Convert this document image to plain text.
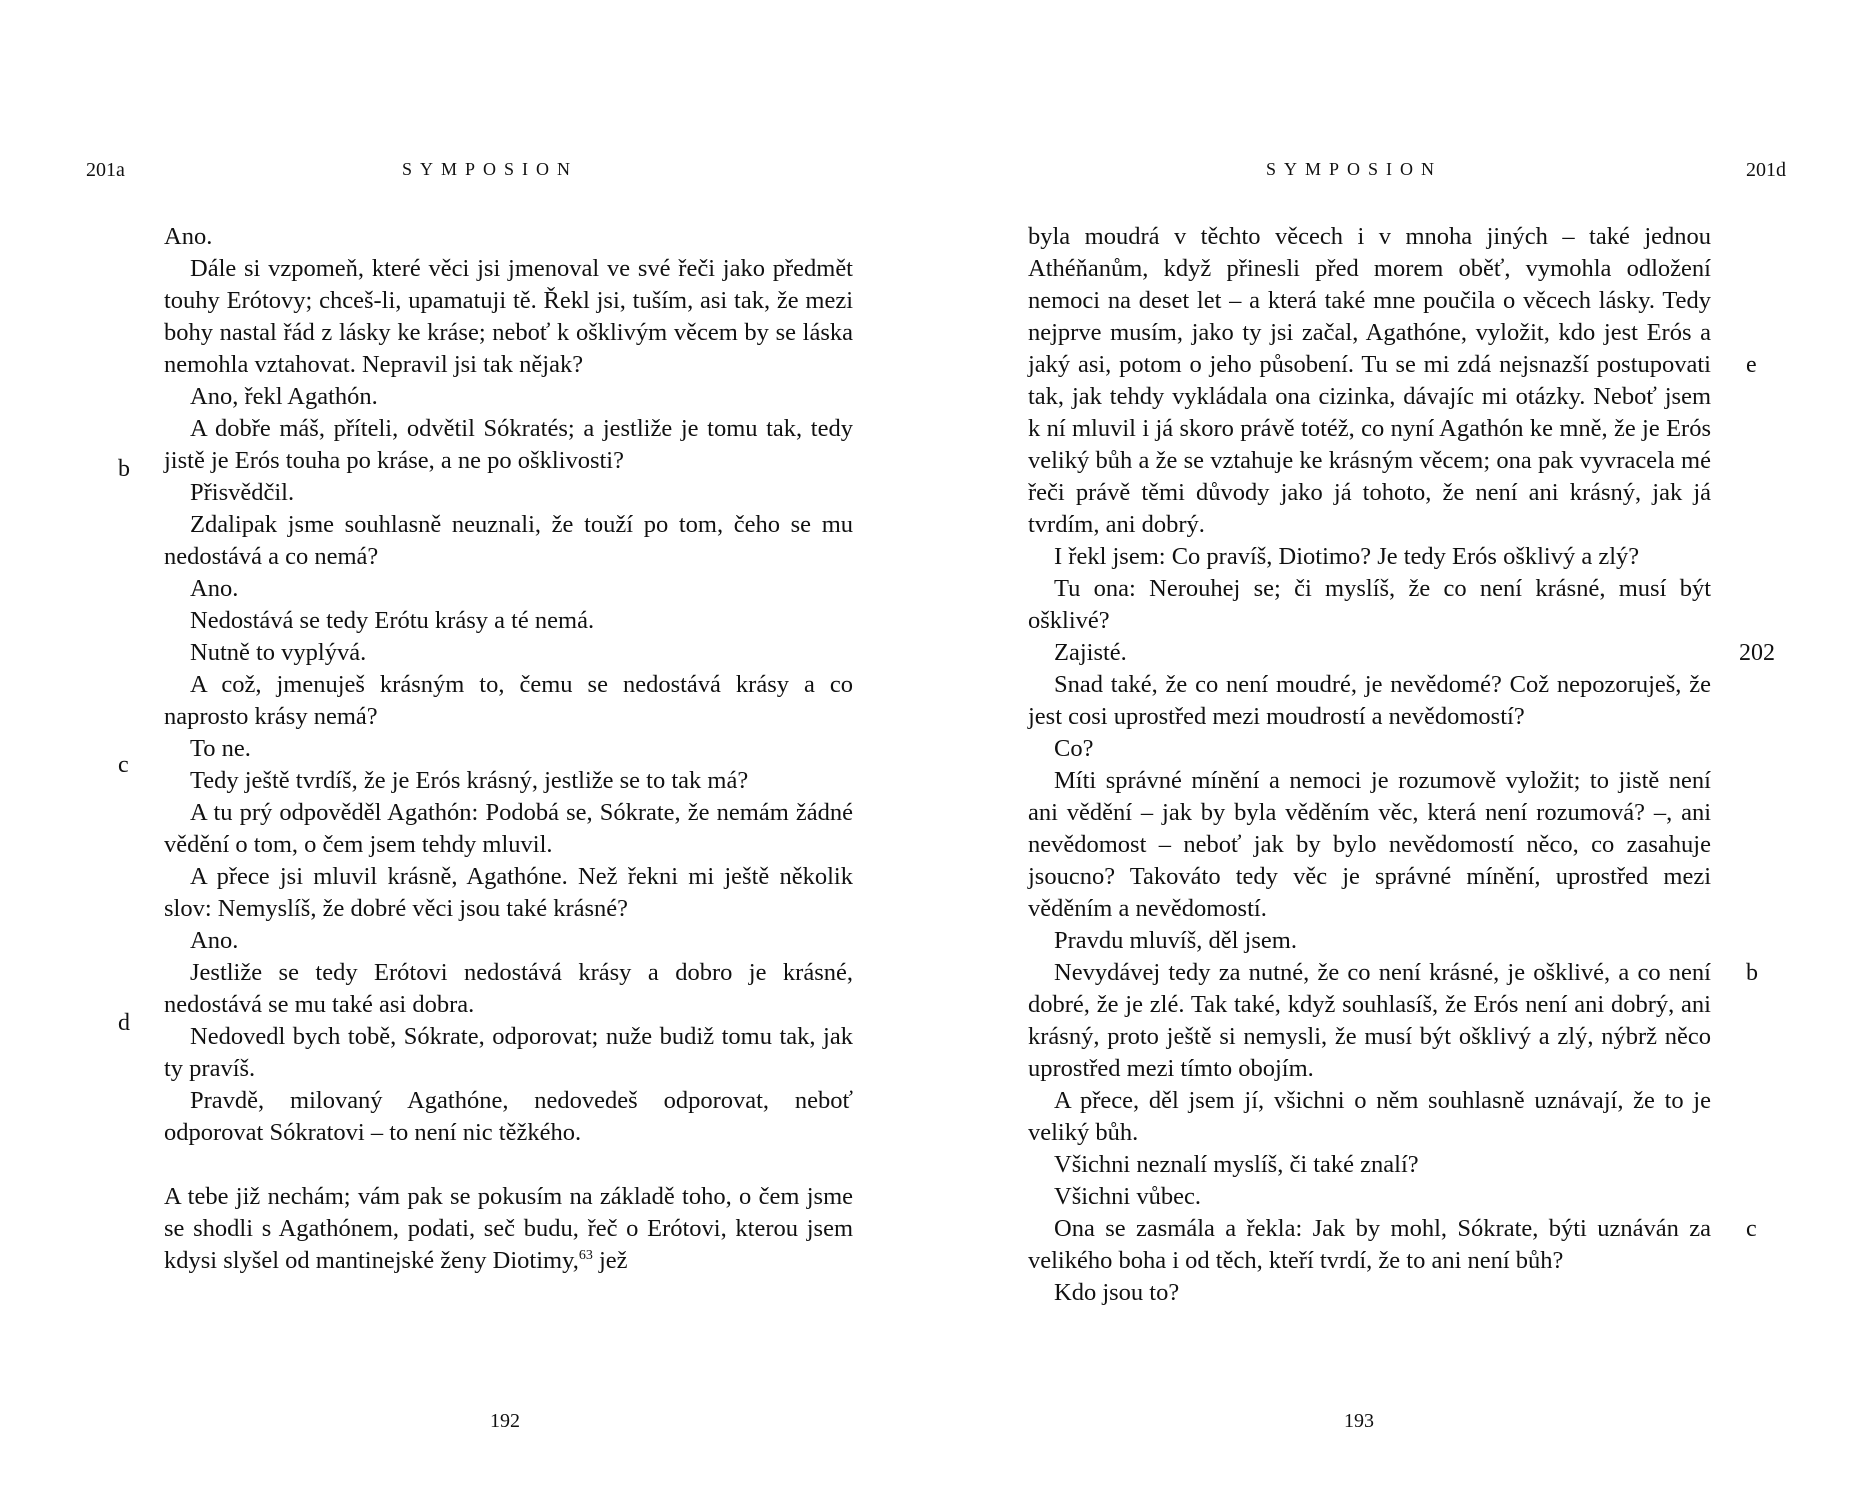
201a	SYMPOSION
b
c
d

Ano.

Dále si vzpomeň, které věci jsi jmenoval ve své řeči jako předmět touhy Erótovy; chceš-li, upamatuji tě. Řekl jsi, tuším, asi tak, že mezi bohy nastal řád z lásky ke kráse; neboť k ošklivým věcem by se láska nemohla vztahovat. Nepravil jsi tak nějak?

Ano, řekl Agathón.

A dobře máš, příteli, odvětil Sókratés; a jestliže je tomu tak, tedy jistě je Erós touha po kráse, a ne po ošklivosti?

Přisvědčil.

Zdalipak jsme souhlasně neuznali, že touží po tom, čeho se mu nedostává a co nemá?

Ano.

Nedostává se tedy Erótu krásy a té nemá.

Nutně to vyplývá.

A což, jmenuješ krásným to, čemu se nedostává krásy a co naprosto krásy nemá?

To ne.

Tedy ještě tvrdíš, že je Erós krásný, jestliže se to tak má?

A tu prý odpověděl Agathón: Podobá se, Sókrate, že nemám žádné vědění o tom, o čem jsem tehdy mluvil.

A přece jsi mluvil krásně, Agathóne. Než řekni mi ještě několik slov: Nemyslíš, že dobré věci jsou také krásné?

Ano.

Jestliže se tedy Erótovi nedostává krásy a dobro je krásné, nedostává se mu také asi dobra.

Nedovedl bych tobě, Sókrate, odporovat; nuže budiž tomu tak, jak ty pravíš.

Pravdě, milovaný Agathóne, nedovedeš odporovat, neboť odporovat Sókratovi – to není nic těžkého.

A tebe již nechám; vám pak se pokusím na základě toho, o čem jsme se shodli s Agathónem, podati, seč budu, řeč o Erótovi, kterou jsem kdysi slyšel od mantinejské ženy Diotimy,$^{63}$ jež

192
SYMPOSION	201d
e
202
b
c

byla moudrá v těchto věcech i v mnoha jiných – také jednou Athéňanům, když přinesli před morem oběť, vymohla odložení nemoci na deset let – a která také mne poučila o věcech lásky. Tedy nejprve musím, jako ty jsi začal, Agathóne, vyložit, kdo jest Erós a jaký asi, potom o jeho působení. Tu se mi zdá nejsnazší postupovati tak, jak tehdy vykládala ona cizinka, dávajíc mi otázky. Neboť jsem k ní mluvil i já skoro právě totéž, co nyní Agathón ke mně, že je Erós veliký bůh a že se vztahuje ke krásným věcem; ona pak vyvracela mé řeči právě těmi důvody jako já tohoto, že není ani krásný, jak já tvrdím, ani dobrý.

I řekl jsem: Co pravíš, Diotimo? Je tedy Erós ošklivý a zlý?

Tu ona: Nerouhej se; či myslíš, že co není krásné, musí být ošklivé?

Zajisté.

Snad také, že co není moudré, je nevědomé? Což nepozoruješ, že jest cosi uprostřed mezi moudrostí a nevědomostí?

Co?

Míti správné mínění a nemoci je rozumově vyložit; to jistě není ani vědění – jak by byla věděním věc, která není rozumová? –, ani nevědomost – neboť jak by bylo nevědomostí něco, co zasahuje jsoucno? Takováto tedy věc je správné mínění, uprostřed mezi věděním a nevědomostí.

Pravdu mluvíš, děl jsem.

Nevydávej tedy za nutné, že co není krásné, je ošklivé, a co není dobré, že je zlé. Tak také, když souhlasíš, že Erós není ani dobrý, ani krásný, proto ještě si nemysli, že musí být ošklivý a zlý, nýbrž něco uprostřed mezi tímto obojím.

A přece, děl jsem jí, všichni o něm souhlasně uznávají, že to je veliký bůh.

Všichni neznalí myslíš, či také znalí?

Všichni vůbec.

Ona se zasmála a řekla: Jak by mohl, Sókrate, býti uznáván za velikého boha i od těch, kteří tvrdí, že to ani není bůh?

Kdo jsou to?

193
